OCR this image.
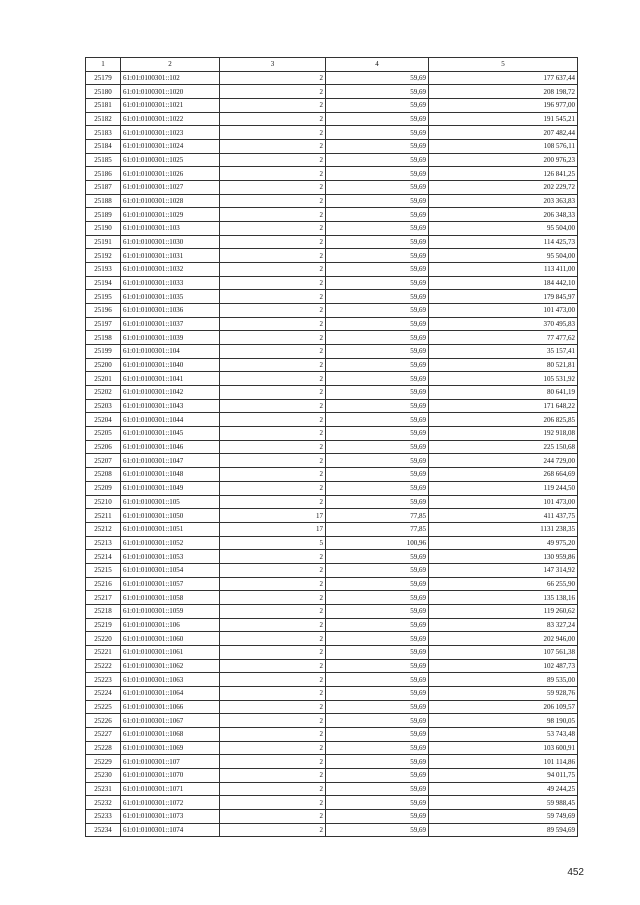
1	2	3	4	5
25179	61:01:0100301::102	2	59,69	177 637,44
25180	61:01:0100301::1020	2	59,69	208 198,72
25181	61:01:0100301::1021	2	59,69	196 977,00
25182	61:01:0100301::1022	2	59,69	191 545,21
25183	61:01:0100301::1023	2	59,69	207 482,44
25184	61:01:0100301::1024	2	59,69	108 576,11
25185	61:01:0100301::1025	2	59,69	200 976,23
25186	61:01:0100301::1026	2	59,69	126 841,25
25187	61:01:0100301::1027	2	59,69	202 229,72
25188	61:01:0100301::1028	2	59,69	203 363,83
25189	61:01:0100301::1029	2	59,69	206 348,33
25190	61:01:0100301::103	2	59,69	95 504,00
25191	61:01:0100301::1030	2	59,69	114 425,73
25192	61:01:0100301::1031	2	59,69	95 504,00
25193	61:01:0100301::1032	2	59,69	113 411,00
25194	61:01:0100301::1033	2	59,69	184 442,10
25195	61:01:0100301::1035	2	59,69	179 845,97
25196	61:01:0100301::1036	2	59,69	101 473,00
25197	61:01:0100301::1037	2	59,69	370 495,83
25198	61:01:0100301::1039	2	59,69	77 477,62
25199	61:01:0100301::104	2	59,69	35 157,41
25200	61:01:0100301::1040	2	59,69	80 521,81
25201	61:01:0100301::1041	2	59,69	105 531,92
25202	61:01:0100301::1042	2	59,69	80 641,19
25203	61:01:0100301::1043	2	59,69	171 648,22
25204	61:01:0100301::1044	2	59,69	206 825,85
25205	61:01:0100301::1045	2	59,69	192 918,08
25206	61:01:0100301::1046	2	59,69	225 150,68
25207	61:01:0100301::1047	2	59,69	244 729,00
25208	61:01:0100301::1048	2	59,69	268 664,69
25209	61:01:0100301::1049	2	59,69	119 244,50
25210	61:01:0100301::105	2	59,69	101 473,00
25211	61:01:0100301::1050	17	77,85	411 437,75
25212	61:01:0100301::1051	17	77,85	1131 238,35
25213	61:01:0100301::1052	5	100,96	49 975,20
25214	61:01:0100301::1053	2	59,69	130 959,86
25215	61:01:0100301::1054	2	59,69	147 314,92
25216	61:01:0100301::1057	2	59,69	66 255,90
25217	61:01:0100301::1058	2	59,69	135 138,16
25218	61:01:0100301::1059	2	59,69	119 260,62
25219	61:01:0100301::106	2	59,69	83 327,24
25220	61:01:0100301::1060	2	59,69	202 946,00
25221	61:01:0100301::1061	2	59,69	107 561,38
25222	61:01:0100301::1062	2	59,69	102 487,73
25223	61:01:0100301::1063	2	59,69	89 535,00
25224	61:01:0100301::1064	2	59,69	59 928,76
25225	61:01:0100301::1066	2	59,69	206 109,57
25226	61:01:0100301::1067	2	59,69	98 190,05
25227	61:01:0100301::1068	2	59,69	53 743,48
25228	61:01:0100301::1069	2	59,69	103 600,91
25229	61:01:0100301::107	2	59,69	101 114,86
25230	61:01:0100301::1070	2	59,69	94 011,75
25231	61:01:0100301::1071	2	59,69	49 244,25
25232	61:01:0100301::1072	2	59,69	59 988,45
25233	61:01:0100301::1073	2	59,69	59 749,69
25234	61:01:0100301::1074	2	59,69	89 594,69
452
